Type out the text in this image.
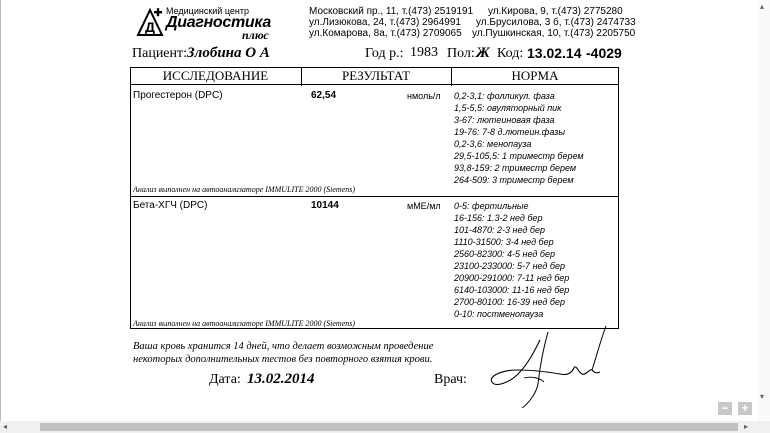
Д
Медицинский центр
Диагностика
плюс
Московский пр., 11, т.(473) 2519191 ул.Кирова, 9, т.(473) 2775280
ул.Лизюкова, 24, т.(473) 2964991 ул.Брусилова, 3 б, т.(473) 2474733
ул.Комарова, 8а, т.(473) 2709065 ул.Пушкинская, 10, т.(473) 2205750
Пациент: Злобина О А	Год р.: 1983 Пол: Ж Код: 13.02.14 -4029
ИССЛЕДОВАНИЕ	РЕЗУЛЬТАТ	НОРМА
Прогестерон (DPC)	62,54	нмоль/л 0,2-3,1: фолликул. фаза
1,5-5,5: овуляторный пик
3-67: лютеиновая фаза
19-76: 7-8 д.лютеин.фазы
0,2-3,6: менопауза
29,5-105,5: 1 триместр берем
93,8-159: 2 триместр берем
264-509: 3 триместр берем
Анализ выполнен на автоанализаторе IMMULITE 2000 (Siemens)
Бета-ХГЧ (DPC)	10144	мМЕ/мл 0-5: фертильные
16-156: 1.3-2 нед бер
101-4870: 2-3 нед бер
1110-31500: 3-4 нед бер
2560-82300: 4-5 нед бер
23100-233000: 5-7 нед бер
20900-291000: 7-11 нед бер
6140-103000: 11-16 нед бер
2700-80100: 16-39 нед бер
0-10: постменопауза
Анализ выполнен на автоанализаторе IMMULITE 2000 (Siemens)
Ваша кровь хранится 14 дней, что делает возможным проведение
некоторых дополнительных тестов без повторного взятия крови.
Дата: 13.02.2014	Врач:
▴
▾
− +
◂	▸
